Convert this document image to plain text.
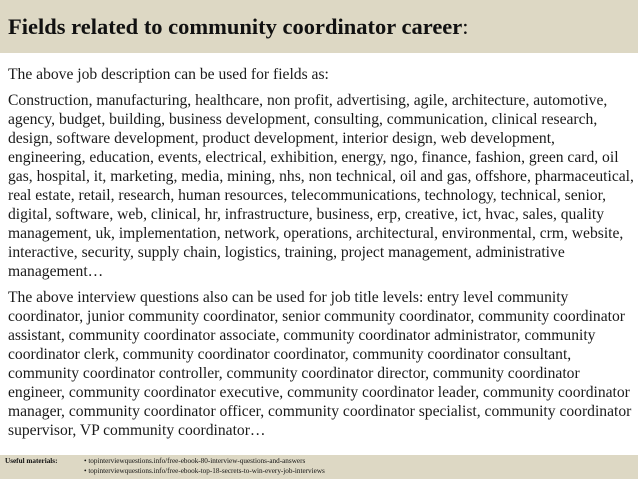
Fields related to community coordinator career:

The above job description can be used for fields as:

Construction, manufacturing, healthcare, non profit, advertising, agile, architecture, automotive, agency, budget, building, business development, consulting, communication, clinical research, design, software development, product development, interior design, web development, engineering, education, events, electrical, exhibition, energy, ngo, finance, fashion, green card, oil gas, hospital, it, marketing, media, mining, nhs, non technical, oil and gas, offshore, pharmaceutical, real estate, retail, research, human resources, telecommunications, technology, technical, senior, digital, software, web, clinical, hr, infrastructure, business, erp, creative, ict, hvac, sales, quality management, uk, implementation, network, operations, architectural, environmental, crm, website, interactive, security, supply chain, logistics, training, project management, administrative management…

The above interview questions also can be used for job title levels: entry level community coordinator, junior community coordinator, senior community coordinator, community coordinator assistant, community coordinator associate, community coordinator administrator, community coordinator clerk, community coordinator coordinator, community coordinator consultant, community coordinator controller, community coordinator director, community coordinator engineer, community coordinator executive, community coordinator leader, community coordinator manager, community coordinator officer, community coordinator specialist, community coordinator supervisor, VP community coordinator…

Useful materials:	• topinterviewquestions.info/free-ebook-80-interview-questions-and-answers
• topinterviewquestions.info/free-ebook-top-18-secrets-to-win-every-job-interviews
